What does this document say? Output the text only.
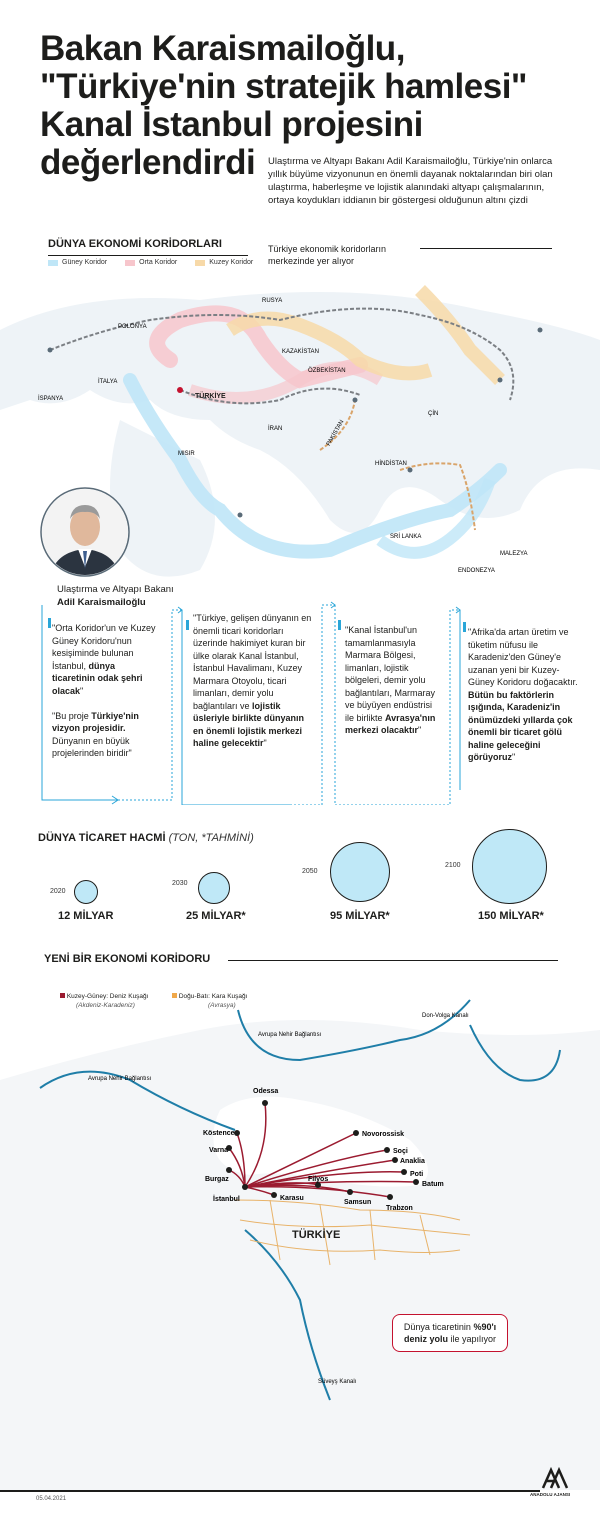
Bakan Karaismailoğlu,
"Türkiye'nin stratejik hamlesi"
Kanal İstanbul projesini
değerlendirdi	Ulaştırma ve Altyapı Bakanı Adil Karaismailoğlu, Türkiye'nin onlarca yıllık büyüme vizyonunun en önemli dayanak noktalarından biri olan ulaştırma, haberleşme ve lojistik alanındaki altyapı çalışmalarının, ortaya koydukları iddianın bir göstergesi olduğunun altını çizdi
DÜNYA EKONOMİ KORİDORLARI	Türkiye ekonomik koridorların merkezinde yer alıyor
Güney Koridor	Orta Koridor	Kuzey Koridor
RUSYA
POLONYA
KAZAKİSTAN
ÖZBEKİSTAN
İTALYA
İSPANYA	TÜRKİYE
İRAN
MISIR
ÇİN
HİNDİSTAN
PAKİSTAN
SRİ LANKA
MALEZYA
ENDONEZYA
Ulaştırma ve Altyapı Bakanı
Adil Karaismailoğlu
"Orta Koridor'un ve Kuzey Güney Koridoru'nun kesişiminde bulunan İstanbul, dünya ticaretinin odak şehri olacak"

"Bu proje Türkiye'nin vizyon projesidir. Dünyanın en büyük projelerinden biridir"
"Türkiye, gelişen dünyanın en önemli ticari koridorları üzerinde hakimiyet kuran bir ülke olarak Kanal İstanbul, İstanbul Havalimanı, Kuzey Marmara Otoyolu, ticari limanları, demir yolu bağlantıları ve lojistik üsleriyle birlikte dünyanın en önemli lojistik merkezi haline gelecektir"
"Kanal İstanbul'un tamamlanmasıyla Marmara Bölgesi, limanları, lojistik bölgeleri, demir yolu bağlantıları, Marmaray ve büyüyen endüstrisi ile birlikte Avrasya'nın merkezi olacaktır"
"Afrika'da artan üretim ve tüketim nüfusu ile Karadeniz'den Güney'e uzanan yeni bir Kuzey-Güney Koridoru doğacaktır. Bütün bu faktörlerin ışığında, Karadeniz'in önümüzdeki yıllarda çok önemli bir ticaret gölü haline geleceğini görüyoruz"
DÜNYA TİCARET HACMİ (TON, *TAHMİNİ)
2020
12 MİLYAR
2030
25 MİLYAR*
2050
95 MİLYAR*
2100
150 MİLYAR*
YENİ BİR EKONOMİ KORİDORU
Kuzey-Güney: Deniz Kuşağı
(Akdeniz-Karadeniz)
Doğu-Batı: Kara Kuşağı
(Avrasya)
TÜRKİYE
Avrupa Nehir Bağlantısı
Avrupa Nehir Bağlantısı
Don-Volga Kanalı
Süveyş Kanalı
Odessa
Köstence
Varna
Burgaz
İstanbul
Novorossisk
Soçi
Anaklia
Poti
Batum
Filyos
Karasu
Samsun
Trabzon
Dünya ticaretinin %90'ı deniz yolu ile yapılıyor
05.04.2021
ANADOLU AJANSI
